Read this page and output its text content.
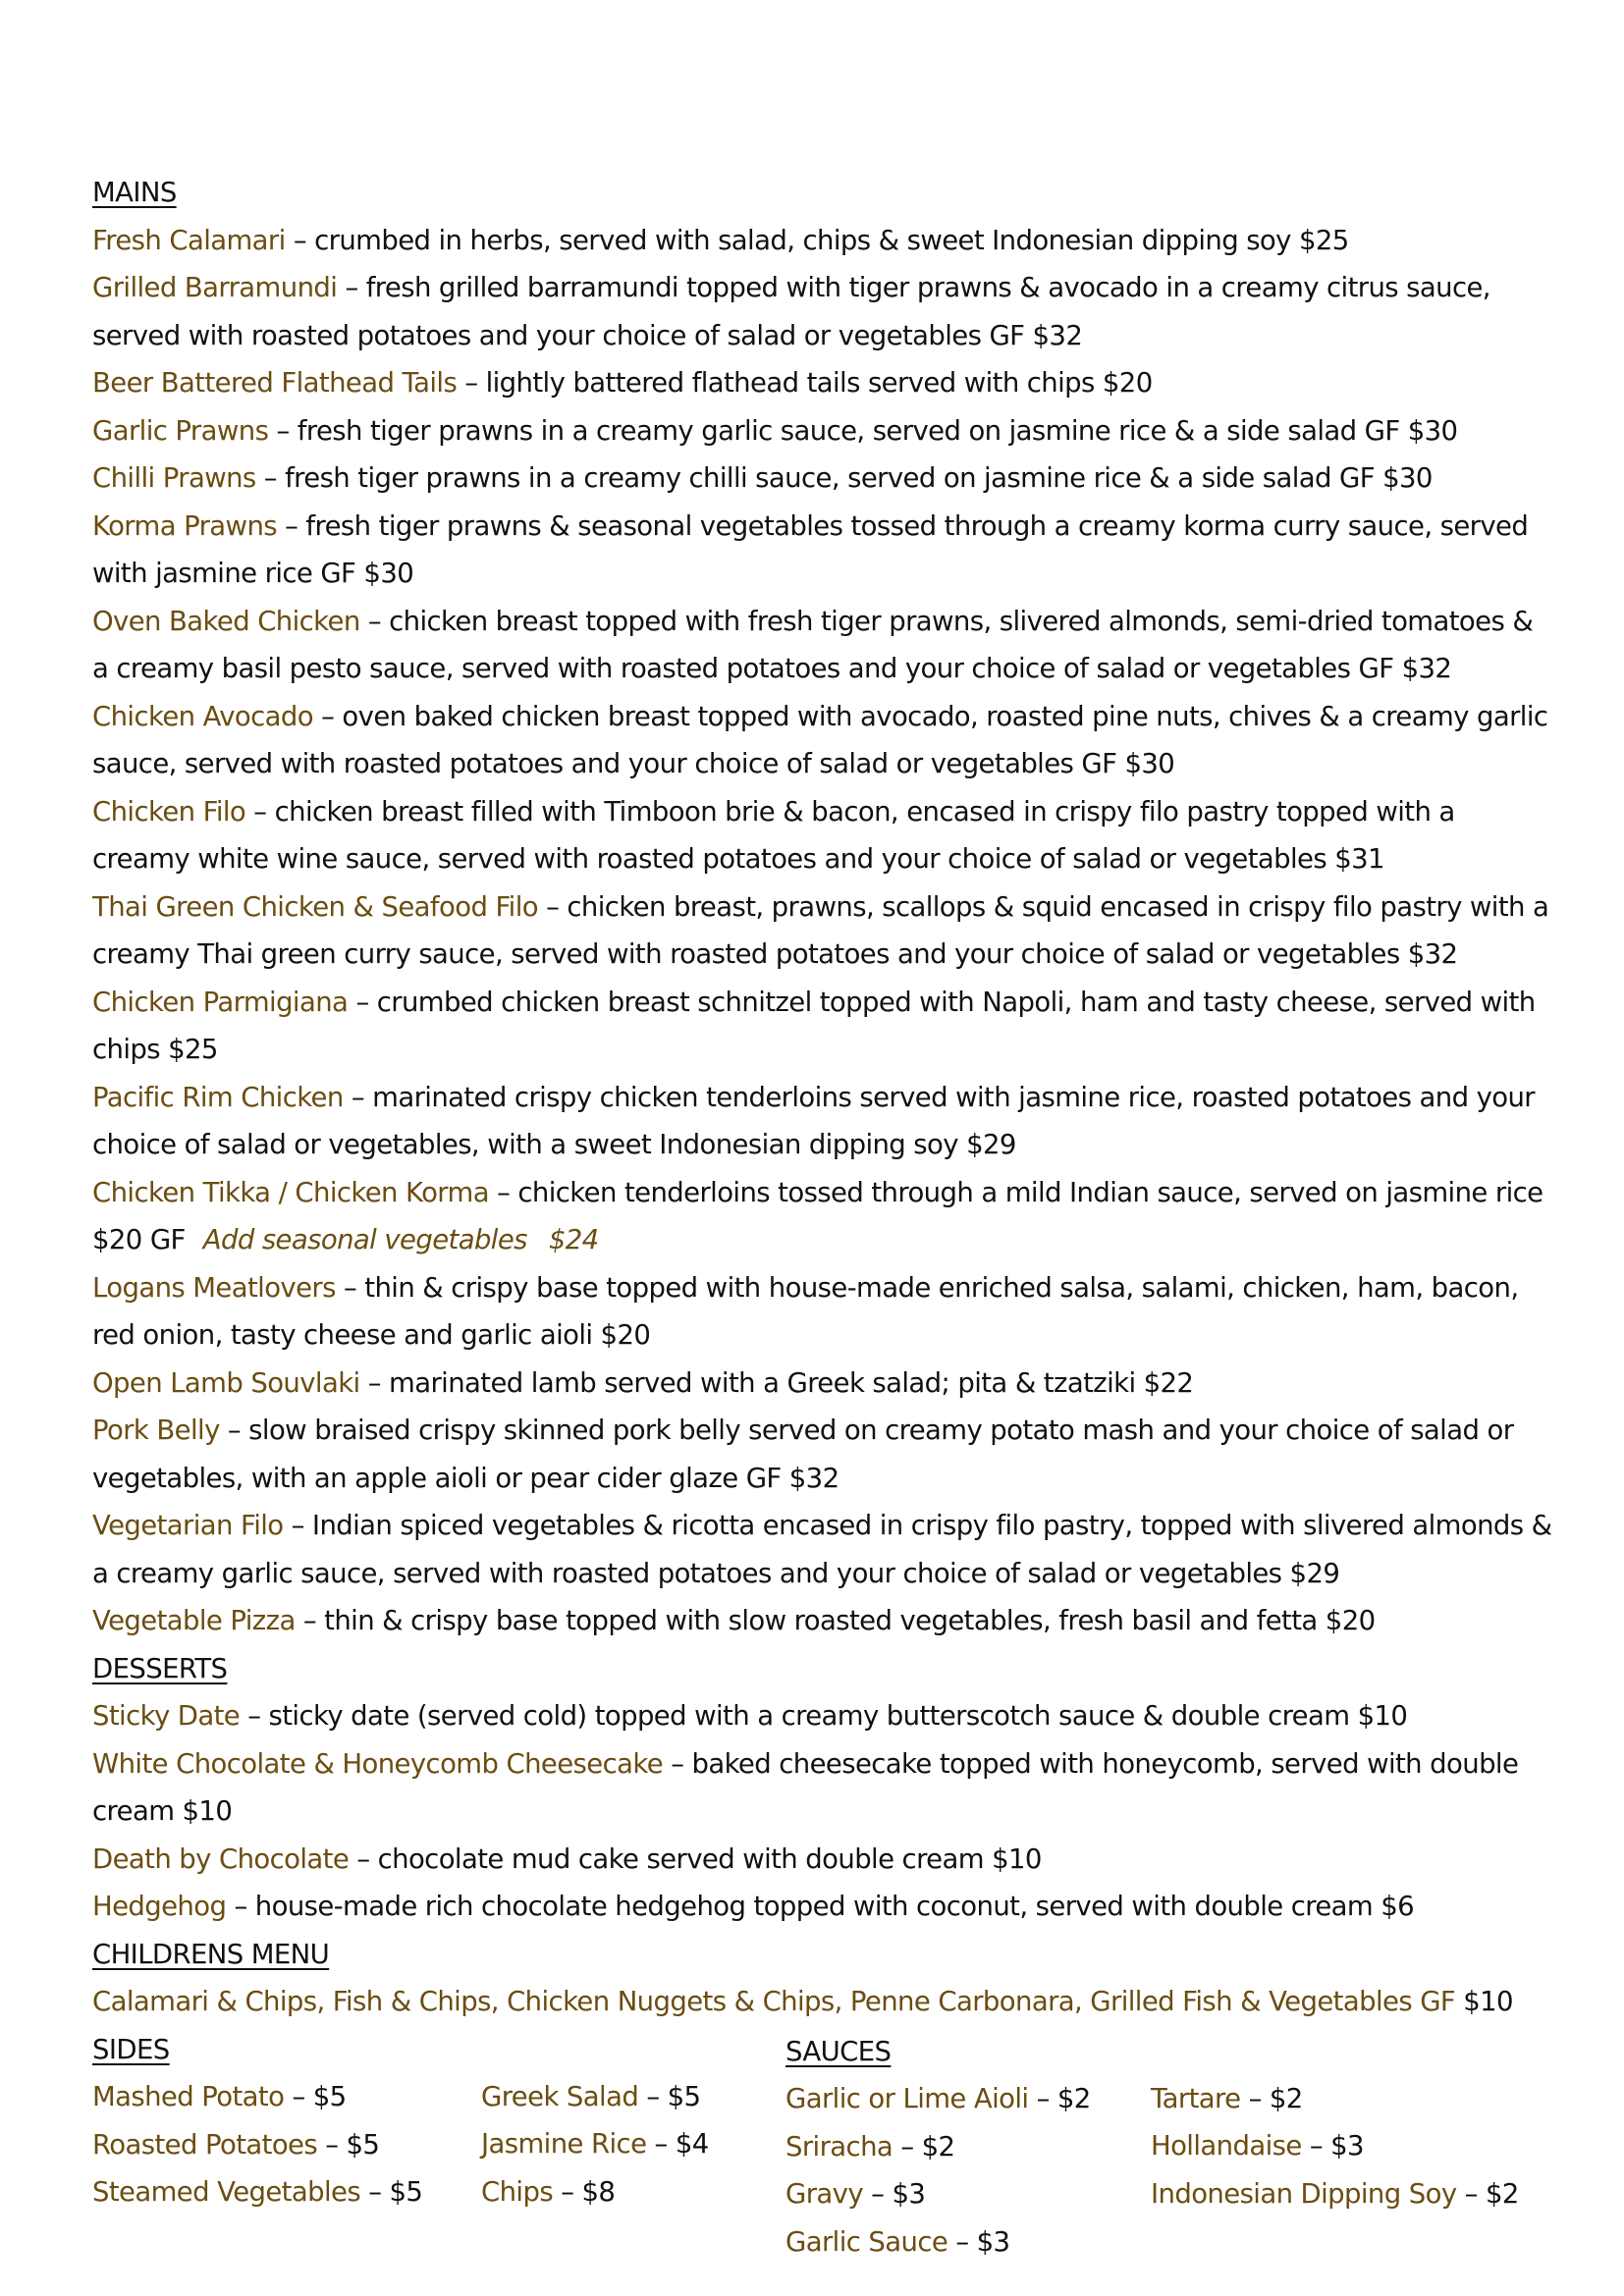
MAINS

Fresh Calamari – crumbed in herbs, served with salad, chips & sweet Indonesian dipping soy $25

Grilled Barramundi – fresh grilled barramundi topped with tiger prawns & avocado in a creamy citrus sauce, served with roasted potatoes and your choice of salad or vegetables GF $32

Beer Battered Flathead Tails – lightly battered flathead tails served with chips $20

Garlic Prawns – fresh tiger prawns in a creamy garlic sauce, served on jasmine rice & a side salad GF $30

Chilli Prawns – fresh tiger prawns in a creamy chilli sauce, served on jasmine rice & a side salad GF $30

Korma Prawns – fresh tiger prawns & seasonal vegetables tossed through a creamy korma curry sauce, served with jasmine rice GF $30

Oven Baked Chicken – chicken breast topped with fresh tiger prawns, slivered almonds, semi-dried tomatoes & a creamy basil pesto sauce, served with roasted potatoes and your choice of salad or vegetables GF $32

Chicken Avocado – oven baked chicken breast topped with avocado, roasted pine nuts, chives & a creamy garlic sauce, served with roasted potatoes and your choice of salad or vegetables GF $30

Chicken Filo – chicken breast filled with Timboon brie & bacon, encased in crispy filo pastry topped with a creamy white wine sauce, served with roasted potatoes and your choice of salad or vegetables $31

Thai Green Chicken & Seafood Filo – chicken breast, prawns, scallops & squid encased in crispy filo pastry with a creamy Thai green curry sauce, served with roasted potatoes and your choice of salad or vegetables $32

Chicken Parmigiana – crumbed chicken breast schnitzel topped with Napoli, ham and tasty cheese, served with chips $25

Pacific Rim Chicken – marinated crispy chicken tenderloins served with jasmine rice, roasted potatoes and your choice of salad or vegetables, with a sweet Indonesian dipping soy $29

Chicken Tikka / Chicken Korma – chicken tenderloins tossed through a mild Indian sauce, served on jasmine rice $20 GF Add seasonal vegetables $24

Logans Meatlovers – thin & crispy base topped with house-made enriched salsa, salami, chicken, ham, bacon, red onion, tasty cheese and garlic aioli $20

Open Lamb Souvlaki – marinated lamb served with a Greek salad; pita & tzatziki $22

Pork Belly – slow braised crispy skinned pork belly served on creamy potato mash and your choice of salad or vegetables, with an apple aioli or pear cider glaze GF $32

Vegetarian Filo – Indian spiced vegetables & ricotta encased in crispy filo pastry, topped with slivered almonds & a creamy garlic sauce, served with roasted potatoes and your choice of salad or vegetables $29

Vegetable Pizza – thin & crispy base topped with slow roasted vegetables, fresh basil and fetta $20

DESSERTS

Sticky Date – sticky date (served cold) topped with a creamy butterscotch sauce & double cream $10

White Chocolate & Honeycomb Cheesecake – baked cheesecake topped with honeycomb, served with double cream $10

Death by Chocolate – chocolate mud cake served with double cream $10

Hedgehog – house-made rich chocolate hedgehog topped with coconut, served with double cream $6

CHILDRENS MENU

Calamari & Chips, Fish & Chips, Chicken Nuggets & Chips, Penne Carbonara, Grilled Fish & Vegetables GF $10

SIDES
Mashed Potato – $5
Roasted Potatoes – $5
Steamed Vegetables – $5
Greek Salad – $5
Jasmine Rice – $4
Chips – $8
SAUCES
Garlic or Lime Aioli – $2
Sriracha – $2
Gravy – $3
Garlic Sauce – $3
Tartare – $2
Hollandaise – $3
Indonesian Dipping Soy – $2
